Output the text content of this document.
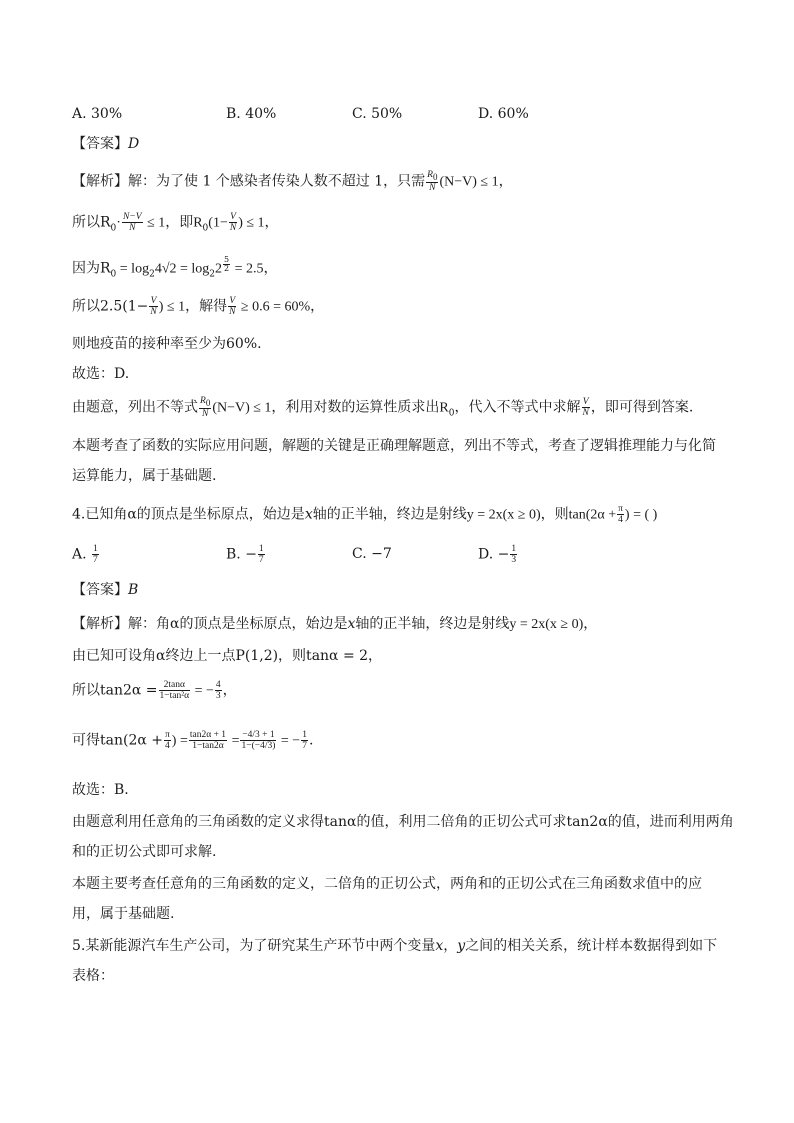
A. 30%	B. 40%	C. 50%	D. 60%
【答案】D
【解析】解：为了使 1 个感染者传染人数不超过 1，只需 $\frac{R_0}{N} (N-V) \le 1$，
所以$R_0\cdot \frac{N-V}{N} \le 1$，即$R_0(1- \frac{V}{N}$ ) ≤ 1，
因为$R_0 = \log_24√2 = \log_22 \frac{5}{2} = 2.5$，
所以$2.5(1- \frac{V}{N}$ ) ≤ 1，解得 $\frac{V}{N} \ge 0.6 = 60\%$，
则地疫苗的接种率至少为60%.
故选：D.
由题意，列出不等式 $\frac{R_0}{N} (N-V) \le 1$，利用对数的运算性质求出$R_0$，代入不等式中求解 $\frac{V}{N}$ ，即可得到答案.
本题考查了函数的实际应用问题，解题的关键是正确理解题意，列出不等式，考查了逻辑推理能力与化简
运算能力，属于基础题.
4.已知角α的顶点是坐标原点，始边是x轴的正半轴，终边是射线y = 2x(x ≥ 0)，则$\tan(2\alpha + \frac{\pi}{4}$ ) = ( )
A. $\frac{1}{7}$	B. − $\frac{1}{7}$	C. −7	D. − $\frac{1}{3}$
【答案】B
【解析】解：角α的顶点是坐标原点，始边是x轴的正半轴，终边是射线y = 2x(x ≥ 0)，
由已知可设角α终边上一点P(1,2)，则tanα = 2，
所以$\tan 2\alpha = \frac{2\tan\alpha}{\text{1−tan²α}}$ = − $\frac{4}{3}$ ，
可得$\tan(2\alpha + \frac{\pi}{4}$ ) = $\frac{\tan 2\alpha + 1}{1-\tan 2\alpha} = \frac{-4/3 + 1}{1-(-4/3)}$ = − $\frac{1}{7}$ .
故选：B.
由题意利用任意角的三角函数的定义求得tanα的值，利用二倍角的正切公式可求tan2α的值，进而利用两角
和的正切公式即可求解.
本题主要考查任意角的三角函数的定义，二倍角的正切公式，两角和的正切公式在三角函数求值中的应
用，属于基础题.
5.某新能源汽车生产公司，为了研究某生产环节中两个变量x，y之间的相关关系，统计样本数据得到如下
表格：
